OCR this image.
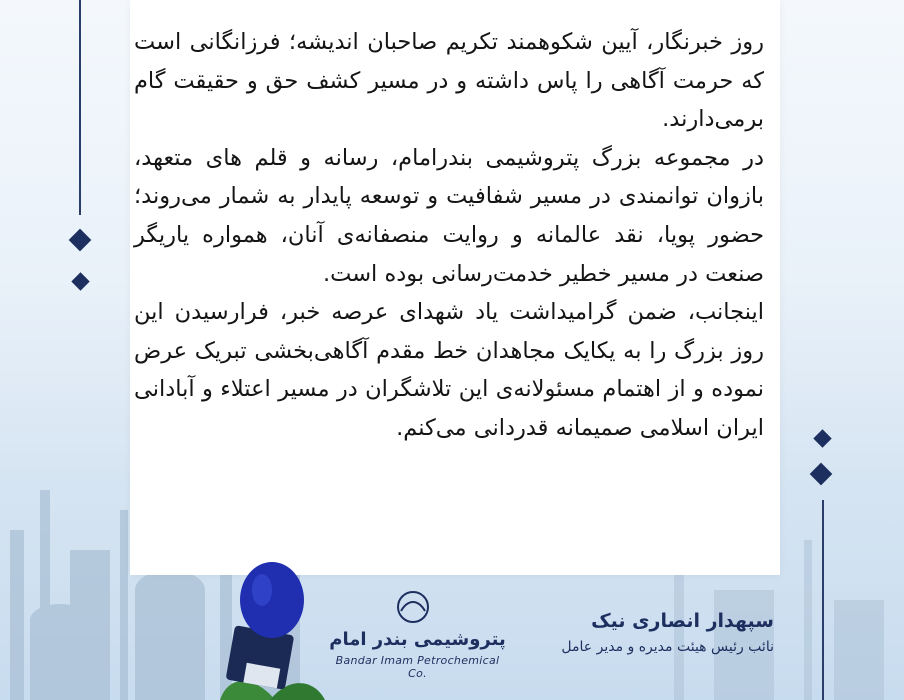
روز خبرنگار، آیین شکوهمند تکریم صاحبان اندیشه؛ فرزانگانی است که حرمت آگاهی را پاس داشته و در مسیر کشف حق و حقیقت گام برمی‌دارند.

در مجموعه بزرگ پتروشیمی بندرامام، رسانه و قلم های متعهد، بازوان توانمندی در مسیر شفافیت و توسعه پایدار به شمار می‌روند؛ حضور پویا، نقد عالمانه و روایت منصفانه‌ی آنان، همواره یاریگر صنعت در مسیر خطیر خدمت‌رسانی بوده است.

اینجانب، ضمن گرامیداشت یاد شهدای عرصه خبر، فرارسیدن این روز بزرگ را به یکایک مجاهدان خط مقدم آگاهی‌بخشی تبریک عرض نموده و از اهتمام مسئولانه‌ی این تلاشگران در مسیر اعتلاء و آبادانی ایران اسلامی صمیمانه قدردانی می‌کنم.

پتروشیمی بندر امام
Bandar Imam Petrochemical Co.
سپهدار انصاری نیک
نائب رئیس هیئت مدیره و مدیر عامل
